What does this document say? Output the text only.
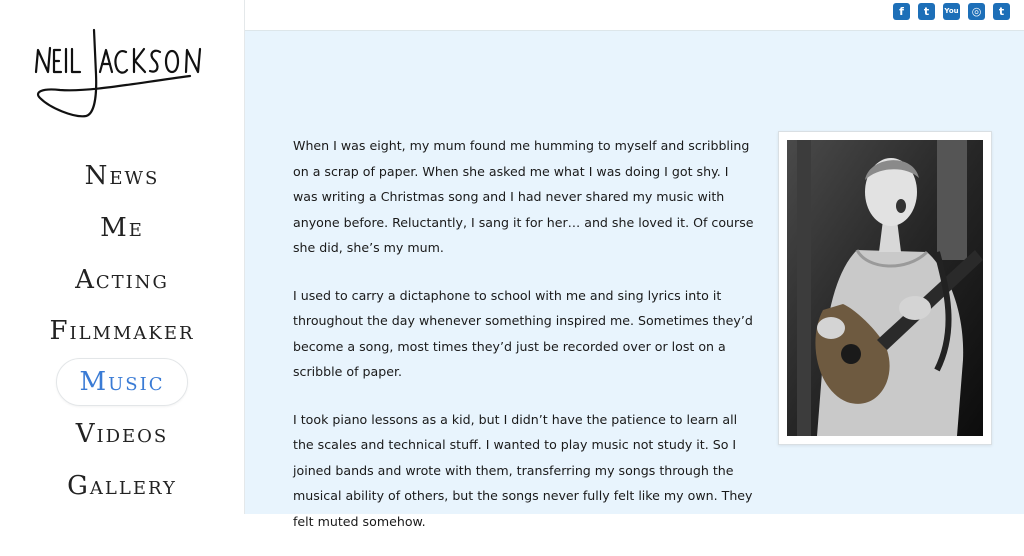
News
Me
Acting
Filmmaker
Music
Videos
Gallery
f t You ◎ t

When I was eight, my mum found me humming to myself and scribbling on a scrap of paper. When she asked me what I was doing I got shy. I was writing a Christmas song and I had never shared my music with anyone before. Reluctantly, I sang it for her… and she loved it. Of course she did, she’s my mum.

I used to carry a dictaphone to school with me and sing lyrics into it throughout the day whenever something inspired me. Sometimes they’d become a song, most times they’d just be recorded over or lost on a scribble of paper.

I took piano lessons as a kid, but I didn’t have the patience to learn all the scales and technical stuff. I wanted to play music not study it. So I joined bands and wrote with them, transferring my songs through the musical ability of others, but the songs never fully felt like my own. They felt muted somehow.
